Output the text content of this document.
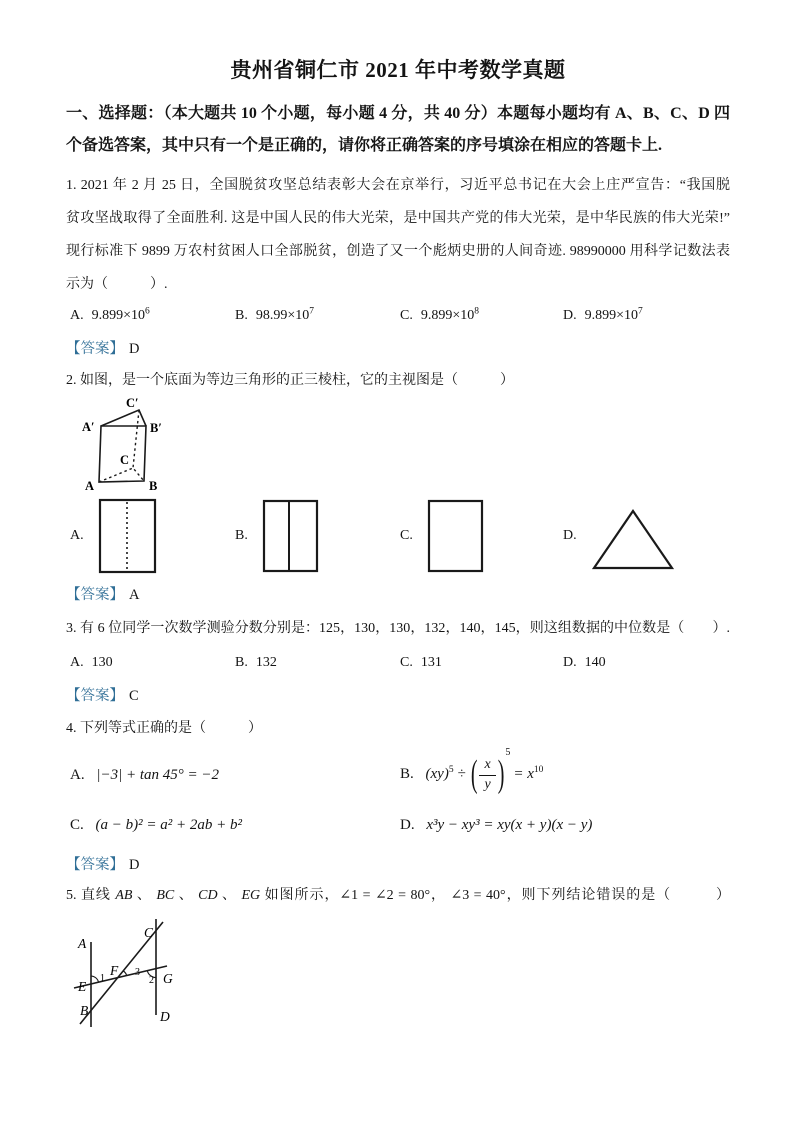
贵州省铜仁市 2021 年中考数学真题
一、选择题：（本大题共 10 个小题，每小题 4 分，共 40 分）本题每小题均有 A、B、C、D 四
个备选答案，其中只有一个是正确的，请你将正确答案的序号填涂在相应的答题卡上.
1. 2021 年 2 月 25 日，全国脱贫攻坚总结表彰大会在京举行，习近平总书记在大会上庄严宣告：“我国脱
贫攻坚战取得了全面胜利. 这是中国人民的伟大光荣，是中国共产党的伟大光荣，是中华民族的伟大光荣!”
现行标准下 9899 万农村贫困人口全部脱贫，创造了又一个彪炳史册的人间奇迹. 98990000 用科学记数法表
示为（　　　）.
A. $9.899\times 10^6$	B. $98.99\times 10^7$	C. $9.899\times 10^8$	D. $9.899\times 10^7$
【答案】 D
2. 如图，是一个底面为等边三角形的正三棱柱，它的主视图是（　　　）
C′
A′	B′
C
A	B
A.	B.	C.	D.
【答案】 A
3. 有 6 位同学一次数学测验分数分别是：125，130，130，132，140，145，则这组数据的中位数是（　　）.
A. 130	B. 132	C. 131	D. 140
【答案】 C
4. 下列等式正确的是（　　　）
A. |−3| + tan 45° = −2	B. (xy)$^5$ ÷ ( $\frac{x}{y} )^5= x^{10}$
C. (a − b)² = a² + 2ab + b²	D. x³y − xy³ = xy(x + y)(x − y)
【答案】 D
5. 直线 AB 、 BC 、 CD 、 EG 如图所示，∠1 = ∠2 = 80°， ∠3 = 40°，则下列结论错误的是（　　　）
A
B
C
D
E
F
G
1	2
3
